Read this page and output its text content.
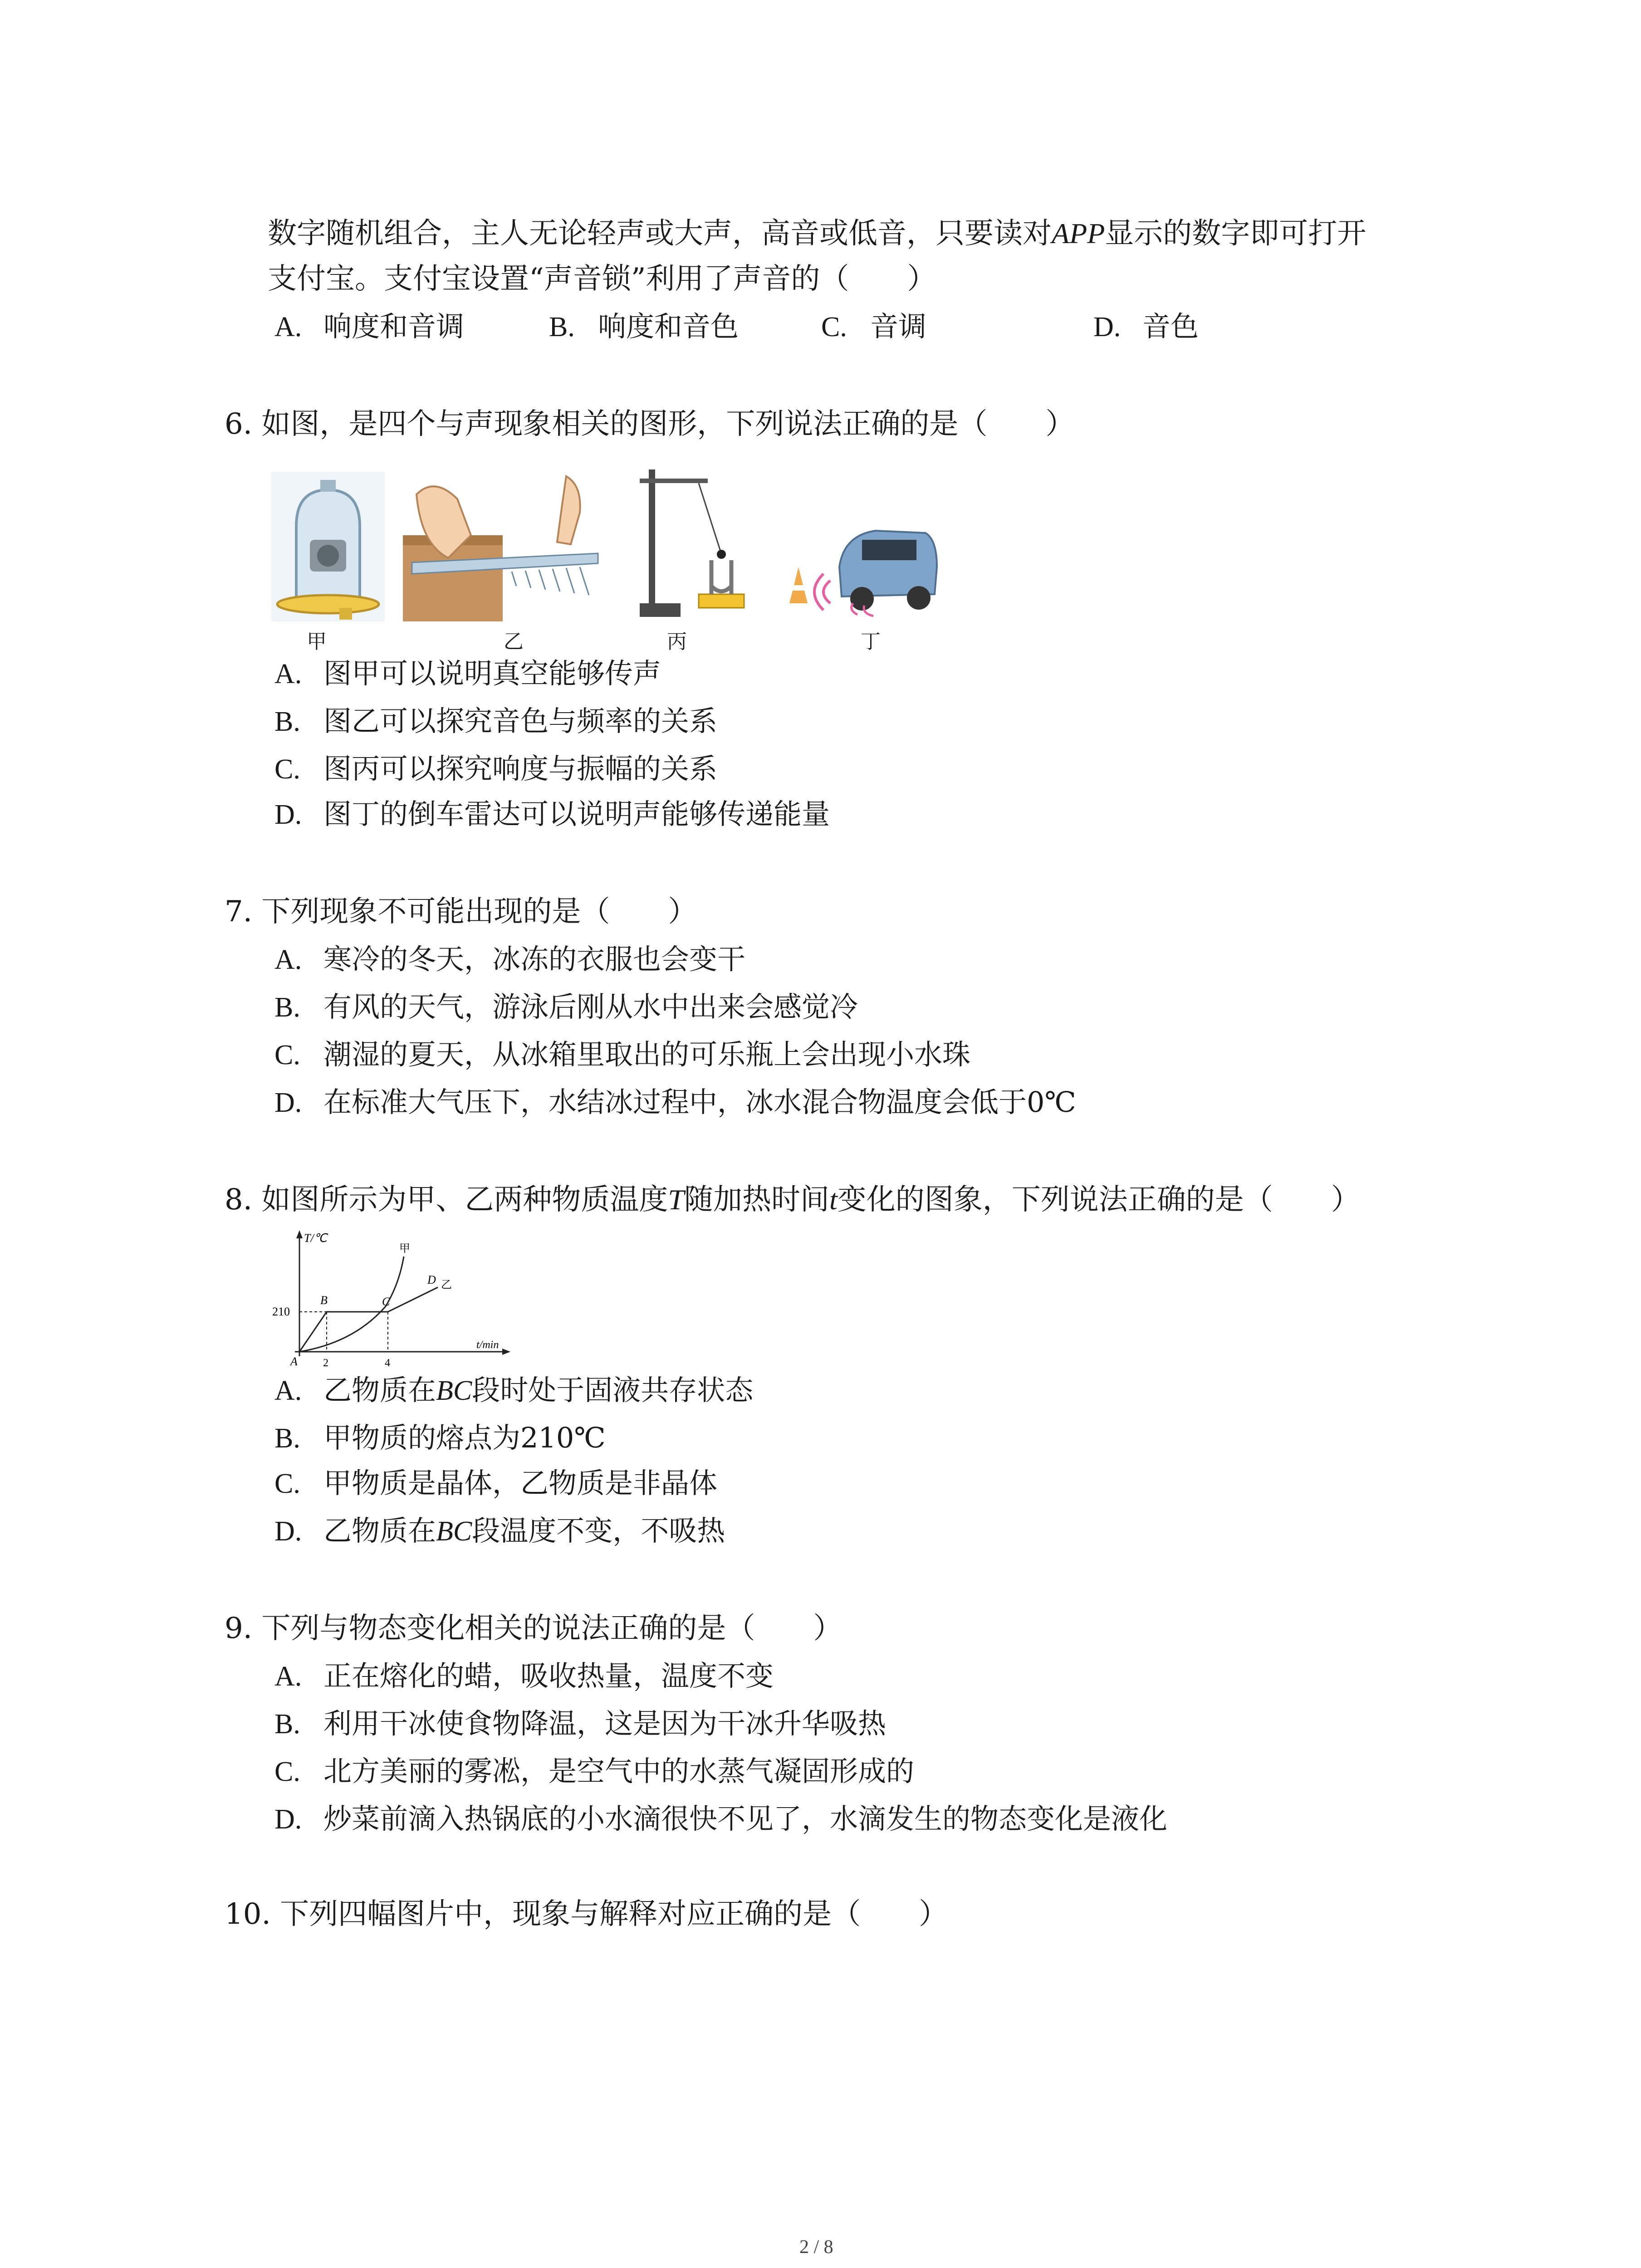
数字随机组合，主人无论轻声或大声，高音或低音，只要读对APP显示的数字即可打开
支付宝。支付宝设置“声音锁”利用了声音的（　　）
A. 响度和音调	B. 响度和音色	C. 音调	D. 音色
6. 如图，是四个与声现象相关的图形，下列说法正确的是（　　）
甲	乙	丙	丁
A. 图甲可以说明真空能够传声
B. 图乙可以探究音色与频率的关系
C. 图丙可以探究响度与振幅的关系
D. 图丁的倒车雷达可以说明声能够传递能量
7. 下列现象不可能出现的是（　　）
A. 寒冷的冬天，冰冻的衣服也会变干
B. 有风的天气，游泳后刚从水中出来会感觉冷
C. 潮湿的夏天，从冰箱里取出的可乐瓶上会出现小水珠
D. 在标准大气压下，水结冰过程中，冰水混合物温度会低于0℃
8. 如图所示为甲、乙两种物质温度T随加热时间t变化的图象，下列说法正确的是（　　）
T/℃
t/min
210
2	4
A
B	C
D
甲
乙
A. 乙物质在BC段时处于固液共存状态
B. 甲物质的熔点为210℃
C. 甲物质是晶体，乙物质是非晶体
D. 乙物质在BC段温度不变，不吸热
9. 下列与物态变化相关的说法正确的是（　　）
A. 正在熔化的蜡，吸收热量，温度不变
B. 利用干冰使食物降温，这是因为干冰升华吸热
C. 北方美丽的雾凇，是空气中的水蒸气凝固形成的
D. 炒菜前滴入热锅底的小水滴很快不见了，水滴发生的物态变化是液化
10. 下列四幅图片中，现象与解释对应正确的是（　　）
2 / 8
